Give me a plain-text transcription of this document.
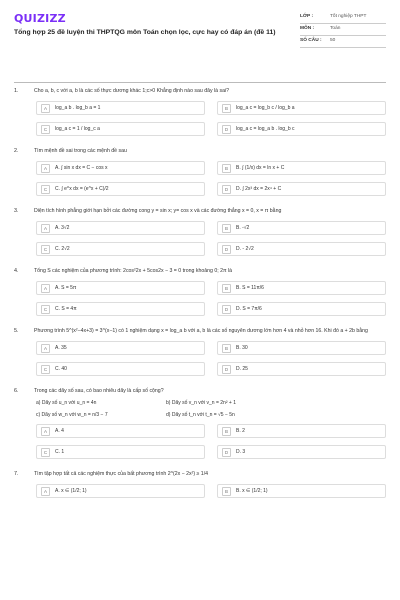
QUIZIZZ
Tổng hợp 25 đề luyện thi THPTQG môn Toán chọn lọc, cực hay có đáp án (đề 11)
LỚP :	Tốt nghiệp THPT
MÔN :	Toán
SỐ CÂU :	50
1.	Cho a, b, c với a, b là các số thực dương khác 1;c>0 Khẳng định nào sau đây là sai?
A	log_a b . log_b a = 1	B	log_a c = log_b c / log_b a
C	log_a c = 1 / log_c a	D	log_a c = log_a b . log_b c
2.	Tìm mệnh đề sai trong các mệnh đề sau
A	A. ∫ sin x dx = C − cos x	B	B. ∫ (1/x) dx = ln x + C
C	C. ∫ e^x dx = (e^x + C)/2	D	D. ∫ 2x³ dx = 2x⁴ + C
3.	Diện tích hình phẳng giới hạn bởi các đường cong y = sin x; y= cos x và các đường thẳng x = 0, x = π bằng
A	A. 3√2	B	B. -√2
C	C. 2√2	D	D. - 2√2
4.	Tổng S các nghiệm của phương trình: 2cos²2x + 5cos2x − 3 = 0 trong khoảng 0; 2π là
A	A. S = 5π	B	B. S = 11π/6
C	C. S = 4π	D	D. S = 7π/6
5.	Phương trình 5^(x²−4x+3) = 3^(x−1) có 1 nghiệm dạng x = log_a b với a, b là các số nguyên dương lớn hơn 4 và nhỏ hơn 16. Khi đó a + 2b bằng
A	A. 35	B	B. 30
C	C. 40	D	D. 25
6.	Trong các dãy số sau, có bao nhiêu dãy là cấp số cộng?
a) Dãy số u_n với u_n = 4n	b) Dãy số v_n với v_n = 2n² + 1
c) Dãy số w_n với w_n = n/3 − 7	d) Dãy số t_n với t_n = √5 − 5n
A	A. 4	B	B. 2
C	C. 1	D	D. 3
7.	Tìm tập hợp tất cả các nghiệm thực của bất phương trình 2^(2x − 2x²) ≥ 1/4
A	A. x ∈ (1/2; 1)	B	B. x ∈ (1/2; 1)
